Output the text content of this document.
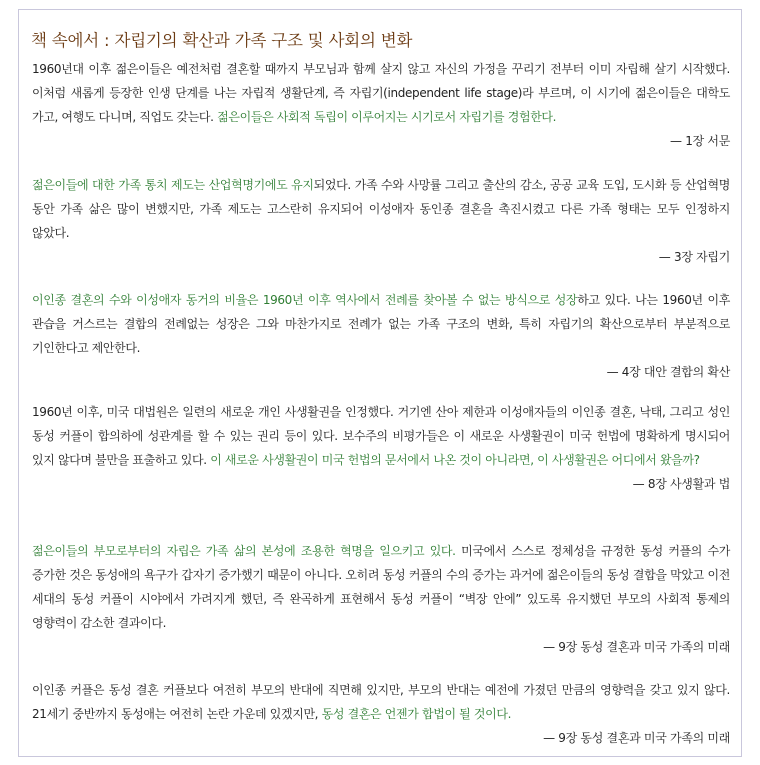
책 속에서 : 자립기의 확산과 가족 구조 및 사회의 변화

1960년대 이후 젊은이들은 예전처럼 결혼할 때까지 부모님과 함께 살지 않고 자신의 가정을 꾸리기 전부터 이미 자립해 살기 시작했다. 이처럼 새롭게 등장한 인생 단계를 나는 자립적 생활단계, 즉 자립기(independent life stage)라 부르며, 이 시기에 젊은이들은 대학도 가고, 여행도 다니며, 직업도 갖는다. 젊은이들은 사회적 독립이 이루어지는 시기로서 자립기를 경험한다.

— 1장 서문

젊은이들에 대한 가족 통치 제도는 산업혁명기에도 유지되었다. 가족 수와 사망률 그리고 출산의 감소, 공공 교육 도입, 도시화 등 산업혁명 동안 가족 삶은 많이 변했지만, 가족 제도는 고스란히 유지되어 이성애자 동인종 결혼을 촉진시켰고 다른 가족 형태는 모두 인정하지 않았다.

— 3장 자립기

이인종 결혼의 수와 이성애자 동거의 비율은 1960년 이후 역사에서 전례를 찾아볼 수 없는 방식으로 성장하고 있다. 나는 1960년 이후 관습을 거스르는 결합의 전례없는 성장은 그와 마찬가지로 전례가 없는 가족 구조의 변화, 특히 자립기의 확산으로부터 부분적으로 기인한다고 제안한다.

— 4장 대안 결합의 확산

1960년 이후, 미국 대법원은 일련의 새로운 개인 사생활권을 인정했다. 거기엔 산아 제한과 이성애자들의 이인종 결혼, 낙태, 그리고 성인 동성 커플이 합의하에 성관계를 할 수 있는 권리 등이 있다. 보수주의 비평가들은 이 새로운 사생활권이 미국 헌법에 명확하게 명시되어 있지 않다며 불만을 표출하고 있다. 이 새로운 사생활권이 미국 헌법의 문서에서 나온 것이 아니라면, 이 사생활권은 어디에서 왔을까?

— 8장 사생활과 법

젊은이들의 부모로부터의 자립은 가족 삶의 본성에 조용한 혁명을 일으키고 있다. 미국에서 스스로 정체성을 규정한 동성 커플의 수가 증가한 것은 동성애의 욕구가 갑자기 증가했기 때문이 아니다. 오히려 동성 커플의 수의 증가는 과거에 젊은이들의 동성 결합을 막았고 이전 세대의 동성 커플이 시야에서 가려지게 했던, 즉 완곡하게 표현해서 동성 커플이 “벽장 안에” 있도록 유지했던 부모의 사회적 통제의 영향력이 감소한 결과이다.

— 9장 동성 결혼과 미국 가족의 미래

이인종 커플은 동성 결혼 커플보다 여전히 부모의 반대에 직면해 있지만, 부모의 반대는 예전에 가졌던 만큼의 영향력을 갖고 있지 않다. 21세기 중반까지 동성애는 여전히 논란 가운데 있겠지만, 동성 결혼은 언젠가 합법이 될 것이다.

— 9장 동성 결혼과 미국 가족의 미래
